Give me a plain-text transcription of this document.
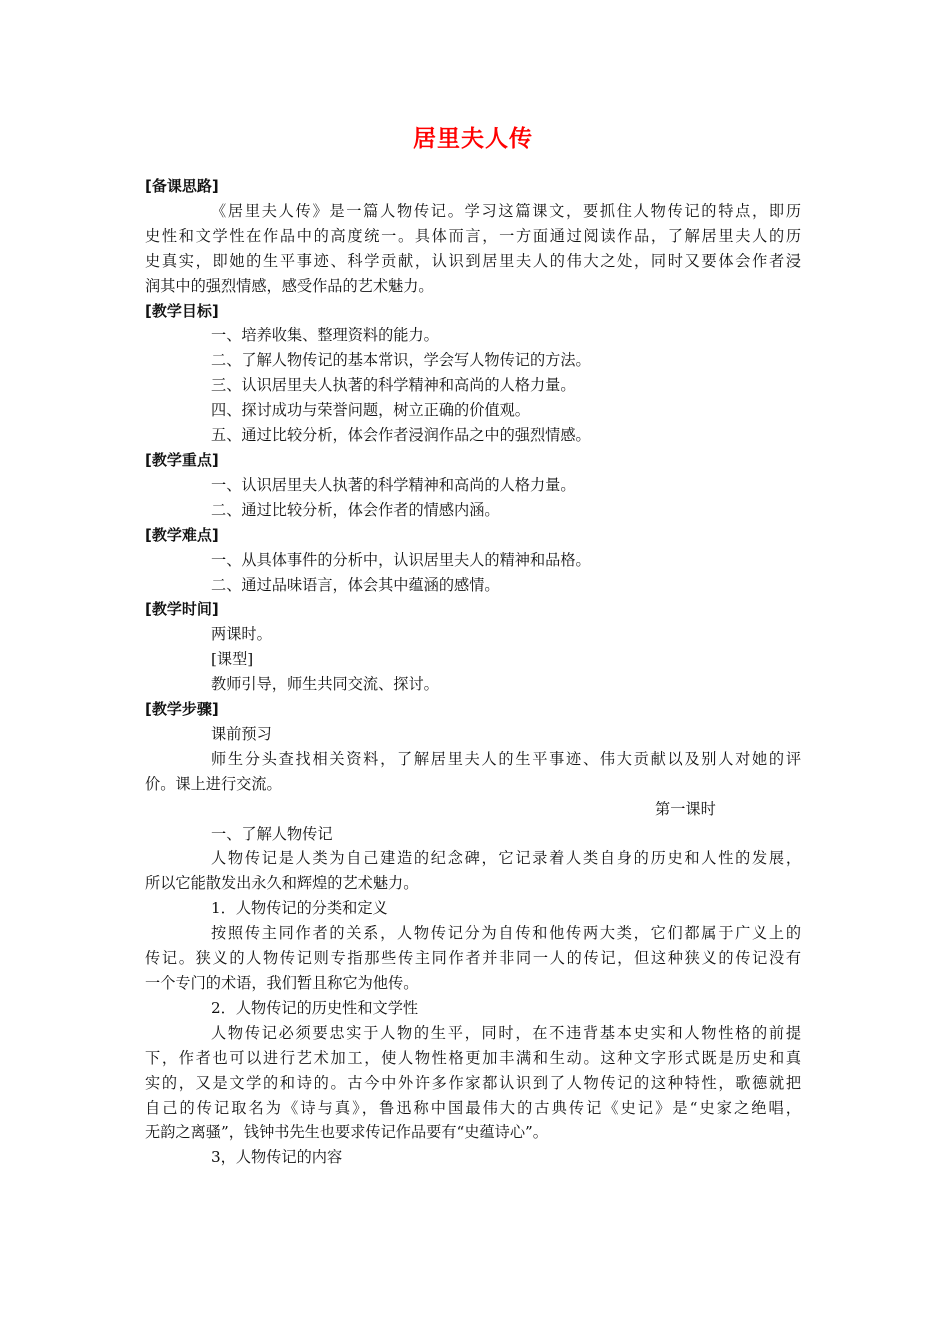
居里夫人传
[备课思路]
《居里夫人传》是一篇人物传记。学习这篇课文，要抓住人物传记的特点，即历
史性和文学性在作品中的高度统一。具体而言，一方面通过阅读作品，了解居里夫人的历
史真实，即她的生平事迹、科学贡献，认识到居里夫人的伟大之处，同时又要体会作者浸
润其中的强烈情感，感受作品的艺术魅力。
[教学目标]
一、培养收集、整理资料的能力。
二、了解人物传记的基本常识，学会写人物传记的方法。
三、认识居里夫人执著的科学精神和高尚的人格力量。
四、探讨成功与荣誉问题，树立正确的价值观。
五、通过比较分析，体会作者浸润作品之中的强烈情感。
[教学重点]
一、认识居里夫人执著的科学精神和高尚的人格力量。
二、通过比较分析，体会作者的情感内涵。
[教学难点]
一、从具体事件的分析中，认识居里夫人的精神和品格。
二、通过品味语言，体会其中蕴涵的感情。
[教学时间]
两课时。
[课型]
教师引导，师生共同交流、探讨。
[教学步骤]
课前预习
师生分头查找相关资料，了解居里夫人的生平事迹、伟大贡献以及别人对她的评
价。课上进行交流。
第一课时
一、了解人物传记
人物传记是人类为自己建造的纪念碑，它记录着人类自身的历史和人性的发展，
所以它能散发出永久和辉煌的艺术魅力。
1．人物传记的分类和定义
按照传主同作者的关系，人物传记分为自传和他传两大类，它们都属于广义上的
传记。狭义的人物传记则专指那些传主同作者并非同一人的传记，但这种狭义的传记没有
一个专门的术语，我们暂且称它为他传。
2．人物传记的历史性和文学性
人物传记必须要忠实于人物的生平，同时，在不违背基本史实和人物性格的前提
下，作者也可以进行艺术加工，使人物性格更加丰满和生动。这种文字形式既是历史和真
实的，又是文学的和诗的。古今中外许多作家都认识到了人物传记的这种特性，歌德就把
自己的传记取名为《诗与真》，鲁迅称中国最伟大的古典传记《史记》是“史家之绝唱，
无韵之离骚”，钱钟书先生也要求传记作品要有“史蕴诗心”。
3，人物传记的内容
